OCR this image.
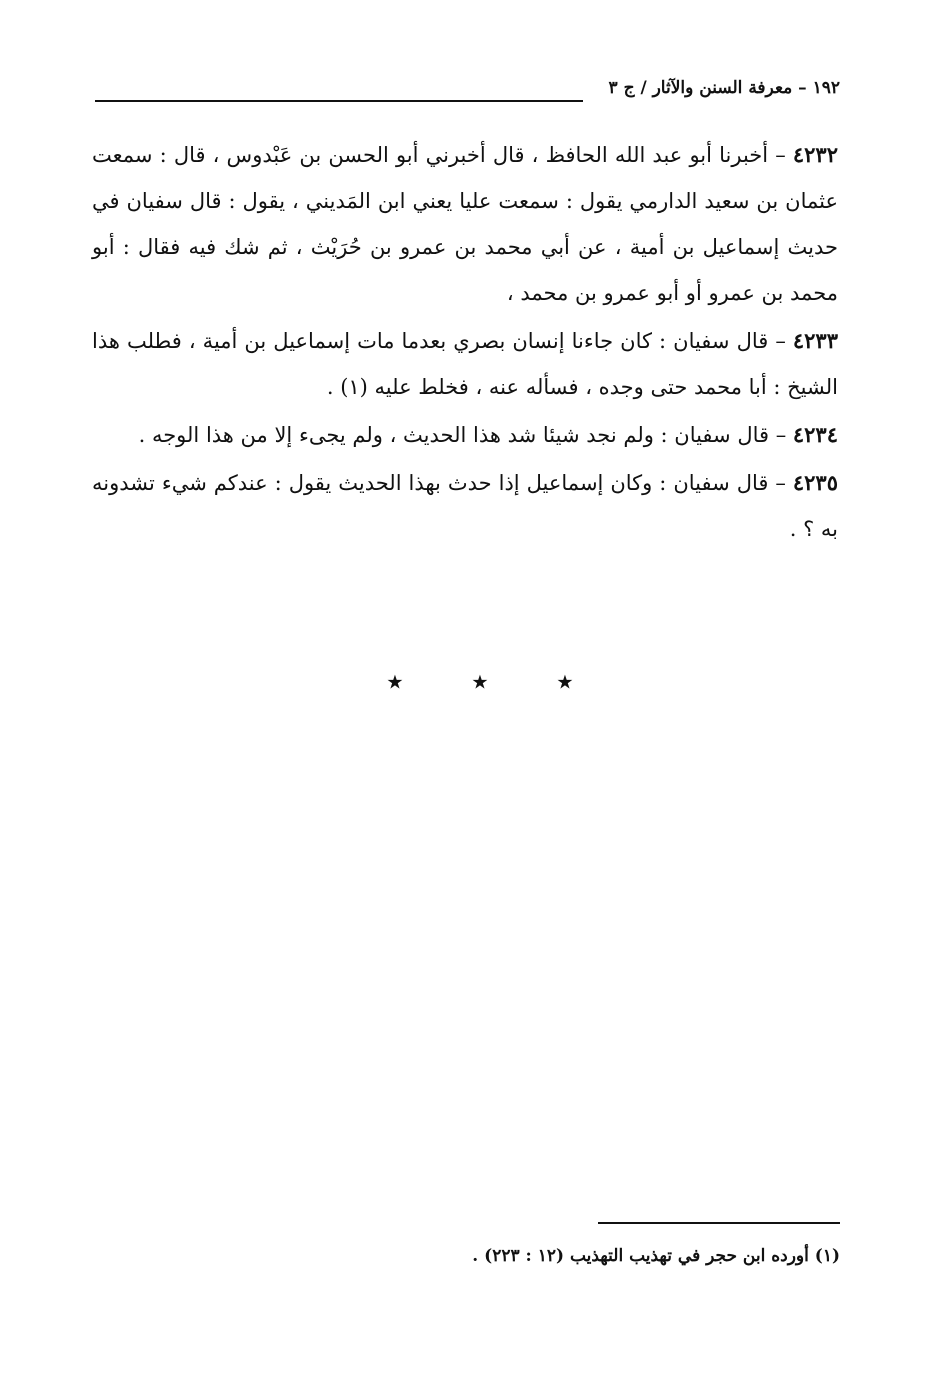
١٩٢ – معرفة السنن والآثار / ج ٣

٤٢٣٢ – أخبرنا أبو عبد الله الحافظ ، قال أخبرني أبو الحسن بن عَبْدوس ، قال : سمعت عثمان بن سعيد الدارمي يقول : سمعت عليا يعني ابن المَديني ، يقول : قال سفيان في حديث إسماعيل بن أمية ، عن أبي محمد بن عمرو بن حُرَيْث ، ثم شك فيه فقال : أبو محمد بن عمرو أو أبو عمرو بن محمد ،

٤٢٣٣ – قال سفيان : كان جاءنا إنسان بصري بعدما مات إسماعيل بن أمية ، فطلب هذا الشيخ : أبا محمد حتى وجده ، فسأله عنه ، فخلط عليه (١) .

٤٢٣٤ – قال سفيان : ولم نجد شيئا شد هذا الحديث ، ولم يجىء إلا من هذا الوجه .

٤٢٣٥ – قال سفيان : وكان إسماعيل إذا حدث بهذا الحديث يقول : عندكم شيء تشدونه به ؟ .

٭	٭	٭
(١) أورده ابن حجر في تهذيب التهذيب (١٢ : ٢٢٣) .
